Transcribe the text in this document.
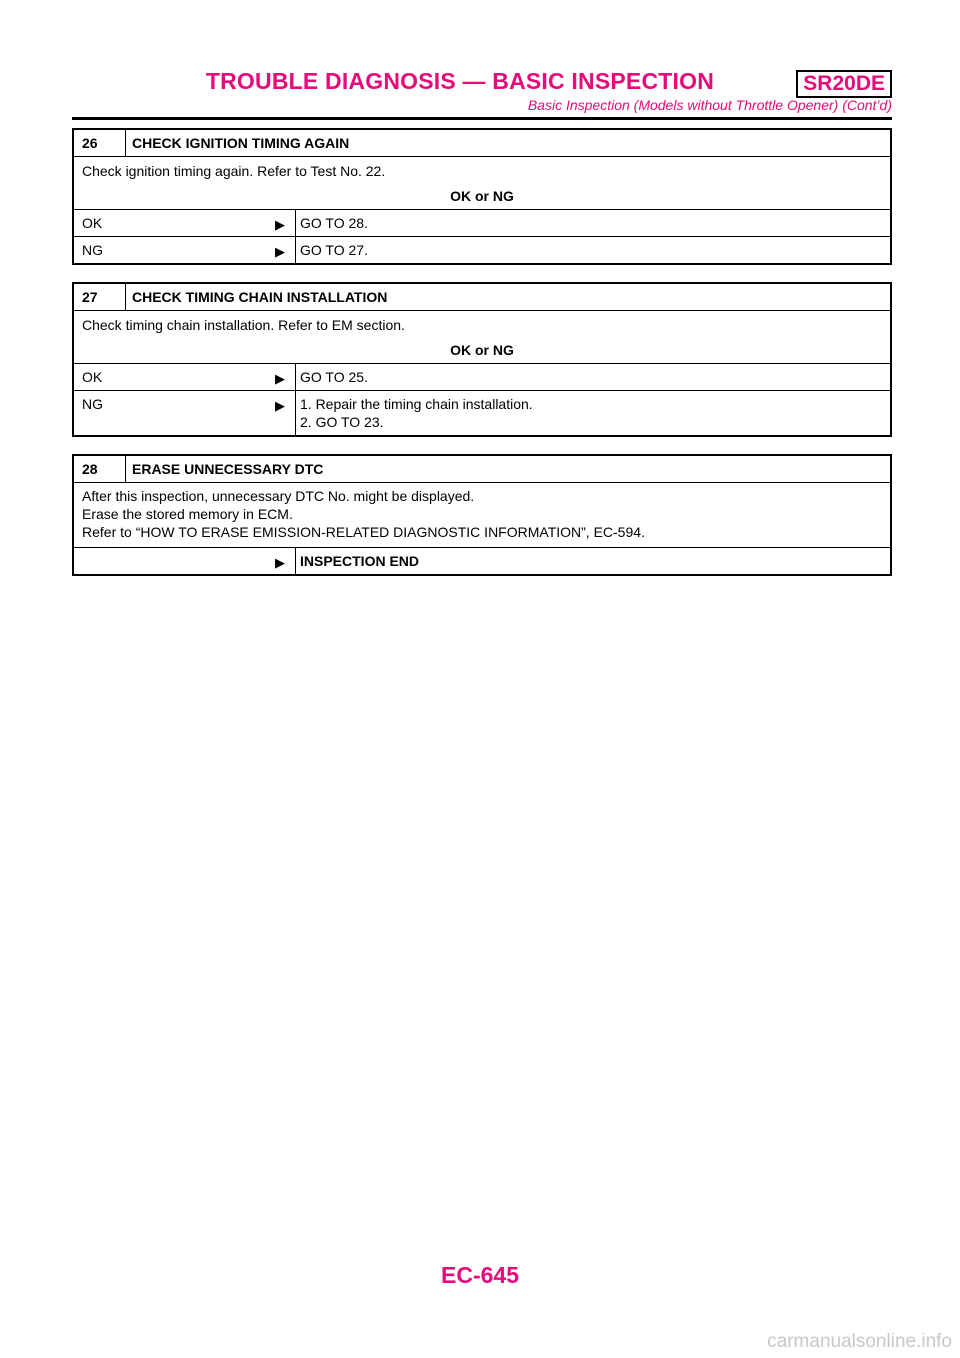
TROUBLE DIAGNOSIS — BASIC INSPECTION	SR20DE
Basic Inspection (Models without Throttle Opener) (Cont’d)
26	CHECK IGNITION TIMING AGAIN
Check ignition timing again. Refer to Test No. 22.
OK or NG
OK	▶ GO TO 28.
NG	▶ GO TO 27.
27	CHECK TIMING CHAIN INSTALLATION
Check timing chain installation. Refer to EM section.
OK or NG
OK	▶ GO TO 25.
NG	▶ 1. Repair the timing chain installation.
2. GO TO 23.
28	ERASE UNNECESSARY DTC
After this inspection, unnecessary DTC No. might be displayed.
Erase the stored memory in ECM.
Refer to “HOW TO ERASE EMISSION-RELATED DIAGNOSTIC INFORMATION”, EC-594.
▶ INSPECTION END
EC-645
carmanualsonline.info
